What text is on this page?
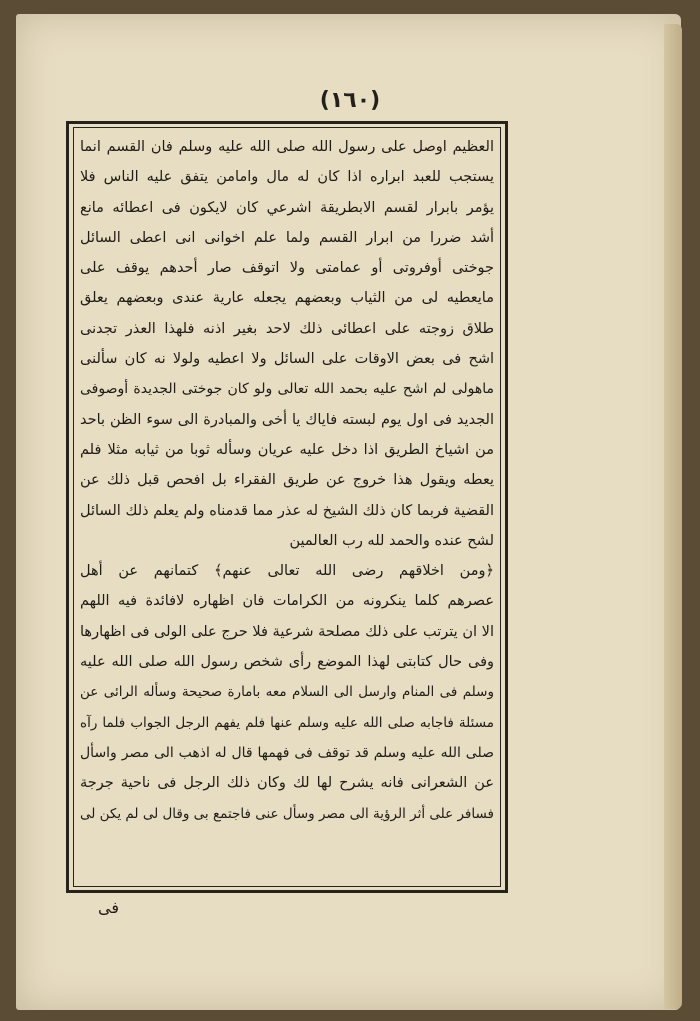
(١٦٠)
العظيم اوصل على رسول الله صلى الله عليه وسلم فان القسم انما
يستجب للعبد ابراره اذا كان له مال وامامن يتفق عليه الناس فلا
يؤمر بابرار لقسم الابطريقة اشرعي كان لايكون فى اعطائه مانع
أشد ضررا من ابرار القسم ولما علم اخوانى انى اعطى السائل
جوختى أوفروتى أو عمامتى ولا اتوقف صار أحدهم يوقف على
مايعطيه لى من الثياب وبعضهم يجعله عارية عندى وبعضهم يعلق
طلاق زوجته على اعطائى ذلك لاحد بغير اذنه فلهذا العذر تجدنى
اشح فى بعض الاوقات على السائل ولا اعطيه ولولا نه كان سألنى
ماهولى لم اشح عليه بحمد الله تعالى ولو كان جوختى الجديدة أوصوفى
الجديد فى اول يوم لبسته فاياك يا أخى والمبادرة الى سوء الظن باحد
من اشياخ الطريق اذا دخل عليه عريان وسأله ثوبا من ثيابه مثلا فلم
يعطه ويقول هذا خروج عن طريق الفقراء بل افحص قبل ذلك عن
القضية فربما كان ذلك الشيخ له عذر مما قدمناه ولم يعلم ذلك السائل
لشح عنده والحمد لله رب العالمين
﴿ومن اخلاقهم رضى الله تعالى عنهم﴾ كتمانهم عن أهل
عصرهم كلما ينكرونه من الكرامات فان اظهاره لافائدة فيه اللهم
الا ان يترتب على ذلك مصلحة شرعية فلا حرج على الولى فى اظهارها
وفى حال كتابتى لهذا الموضع رأى شخص رسول الله صلى الله عليه
وسلم فى المنام وارسل الى السلام معه بامارة صحيحة وسأله الرائى عن
مسئلة فاجابه صلى الله عليه وسلم عنها فلم يفهم الرجل الجواب فلما رآه
صلى الله عليه وسلم قد توقف فى فهمها قال له اذهب الى مصر واسأل
عن الشعرانى فانه يشرح لها لك وكان ذلك الرجل فى ناحية جرجة
فسافر على أثر الرؤية الى مصر وسأل عنى فاجتمع بى وقال لى لم يكن لى
فى
